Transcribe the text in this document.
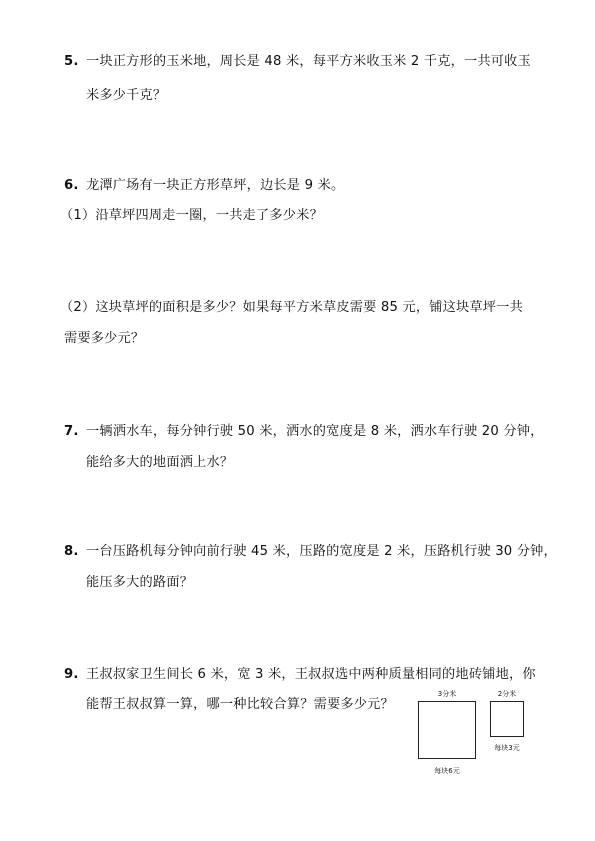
5. 一块正方形的玉米地，周长是 48 米，每平方米收玉米 2 千克，一共可收玉
米多少千克？
6. 龙潭广场有一块正方形草坪，边长是 9 米。
（1）沿草坪四周走一圈，一共走了多少米？
（2）这块草坪的面积是多少？如果每平方米草皮需要 85 元，铺这块草坪一共
需要多少元？
7. 一辆洒水车，每分钟行驶 50 米，洒水的宽度是 8 米，洒水车行驶 20 分钟，
能给多大的地面洒上水？
8. 一台压路机每分钟向前行驶 45 米，压路的宽度是 2 米，压路机行驶 30 分钟，
能压多大的路面？
9. 王叔叔家卫生间长 6 米，宽 3 米，王叔叔选中两种质量相同的地砖铺地，你
能帮王叔叔算一算，哪一种比较合算？需要多少元？
3分米
每块6元
2分米
每块3元
